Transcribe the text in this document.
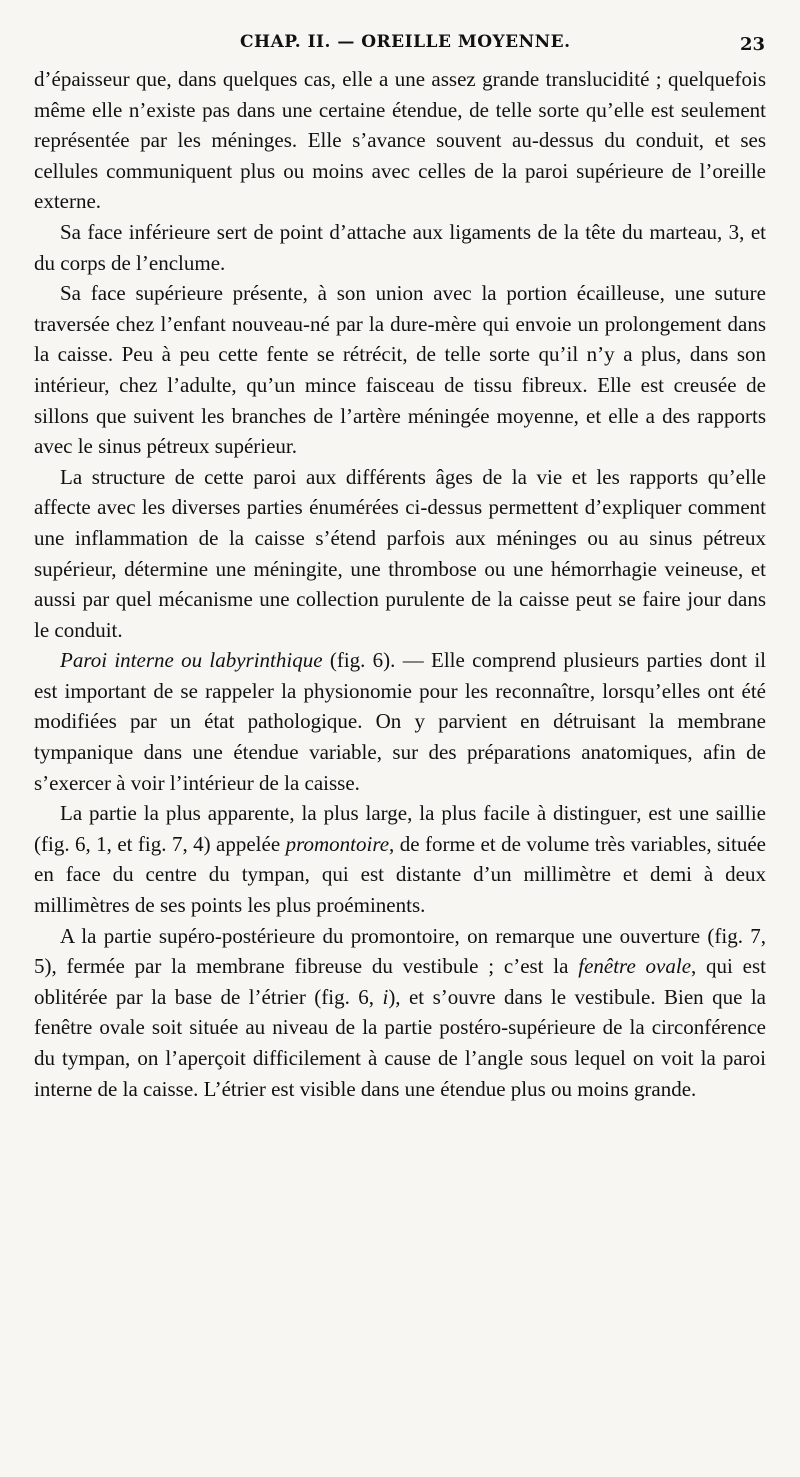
CHAP. II. — OREILLE MOYENNE.	23

d’épaisseur que, dans quelques cas, elle a une assez grande translucidité ; quelquefois même elle n’existe pas dans une certaine étendue, de telle sorte qu’elle est seulement représentée par les méninges. Elle s’avance souvent au-dessus du conduit, et ses cellules communiquent plus ou moins avec celles de la paroi supérieure de l’oreille externe.

Sa face inférieure sert de point d’attache aux ligaments de la tête du marteau, 3, et du corps de l’enclume.

Sa face supérieure présente, à son union avec la portion écailleuse, une suture traversée chez l’enfant nouveau-né par la dure-mère qui envoie un prolongement dans la caisse. Peu à peu cette fente se rétrécit, de telle sorte qu’il n’y a plus, dans son intérieur, chez l’adulte, qu’un mince faisceau de tissu fibreux. Elle est creusée de sillons que suivent les branches de l’artère méningée moyenne, et elle a des rapports avec le sinus pétreux supérieur.

La structure de cette paroi aux différents âges de la vie et les rapports qu’elle affecte avec les diverses parties énumérées ci-dessus permettent d’expliquer comment une inflammation de la caisse s’étend parfois aux méninges ou au sinus pétreux supérieur, détermine une méningite, une thrombose ou une hémorrhagie veineuse, et aussi par quel mécanisme une collection purulente de la caisse peut se faire jour dans le conduit.

Paroi interne ou labyrinthique (fig. 6). — Elle comprend plusieurs parties dont il est important de se rappeler la physionomie pour les reconnaître, lorsqu’elles ont été modifiées par un état pathologique. On y parvient en détruisant la membrane tympanique dans une étendue variable, sur des préparations anatomiques, afin de s’exercer à voir l’intérieur de la caisse.

La partie la plus apparente, la plus large, la plus facile à distinguer, est une saillie (fig. 6, 1, et fig. 7, 4) appelée promontoire, de forme et de volume très variables, située en face du centre du tympan, qui est distante d’un millimètre et demi à deux millimètres de ses points les plus proéminents.

A la partie supéro-postérieure du promontoire, on remarque une ouverture (fig. 7, 5), fermée par la membrane fibreuse du vestibule ; c’est la fenêtre ovale, qui est oblitérée par la base de l’étrier (fig. 6, i), et s’ouvre dans le vestibule. Bien que la fenêtre ovale soit située au niveau de la partie postéro-supérieure de la circonférence du tympan, on l’aperçoit difficilement à cause de l’angle sous lequel on voit la paroi interne de la caisse. L’étrier est visible dans une étendue plus ou moins grande.
